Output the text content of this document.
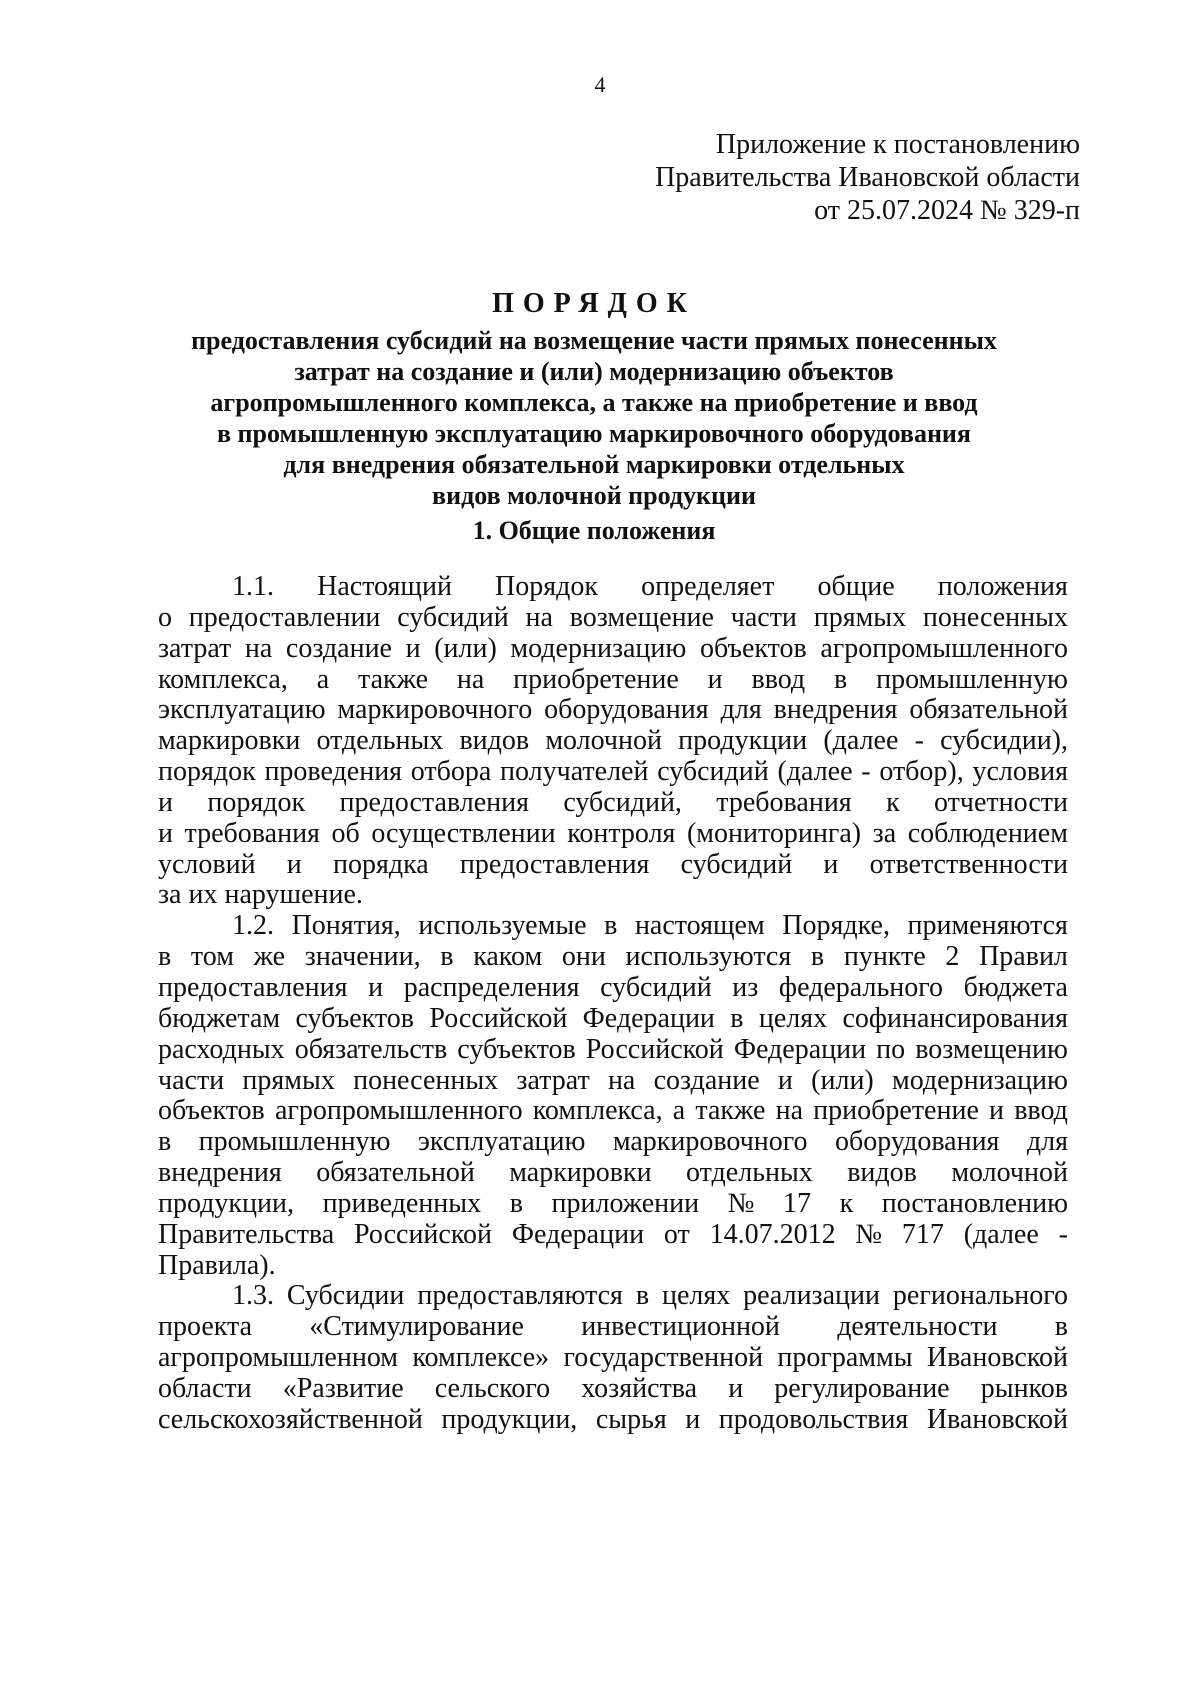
4
Приложение к постановлению
Правительства Ивановской области
от 25.07.2024 № 329-п
ПОРЯДОК
предоставления субсидий на возмещение части прямых понесенных
затрат на создание и (или) модернизацию объектов
агропромышленного комплекса, а также на приобретение и ввод
в промышленную эксплуатацию маркировочного оборудования
для внедрения обязательной маркировки отдельных
видов молочной продукции
1. Общие положения
1.1. Настоящий Порядок определяет общие положения
о предоставлении субсидий на возмещение части прямых понесенных
затрат на создание и (или) модернизацию объектов агропромышленного
комплекса, а также на приобретение и ввод в промышленную
эксплуатацию маркировочного оборудования для внедрения обязательной
маркировки отдельных видов молочной продукции (далее - субсидии),
порядок проведения отбора получателей субсидий (далее - отбор), условия
и порядок предоставления субсидий, требования к отчетности
и требования об осуществлении контроля (мониторинга) за соблюдением
условий и порядка предоставления субсидий и ответственности
за их нарушение.
1.2. Понятия, используемые в настоящем Порядке, применяются
в том же значении, в каком они используются в пункте 2 Правил
предоставления и распределения субсидий из федерального бюджета
бюджетам субъектов Российской Федерации в целях софинансирования
расходных обязательств субъектов Российской Федерации по возмещению
части прямых понесенных затрат на создание и (или) модернизацию
объектов агропромышленного комплекса, а также на приобретение и ввод
в промышленную эксплуатацию маркировочного оборудования для
внедрения обязательной маркировки отдельных видов молочной
продукции, приведенных в приложении № 17 к постановлению
Правительства Российской Федерации от 14.07.2012 № 717 (далее -
Правила).
1.3. Субсидии предоставляются в целях реализации регионального
проекта «Стимулирование инвестиционной деятельности в
агропромышленном комплексе» государственной программы Ивановской
области «Развитие сельского хозяйства и регулирование рынков
сельскохозяйственной продукции, сырья и продовольствия Ивановской
